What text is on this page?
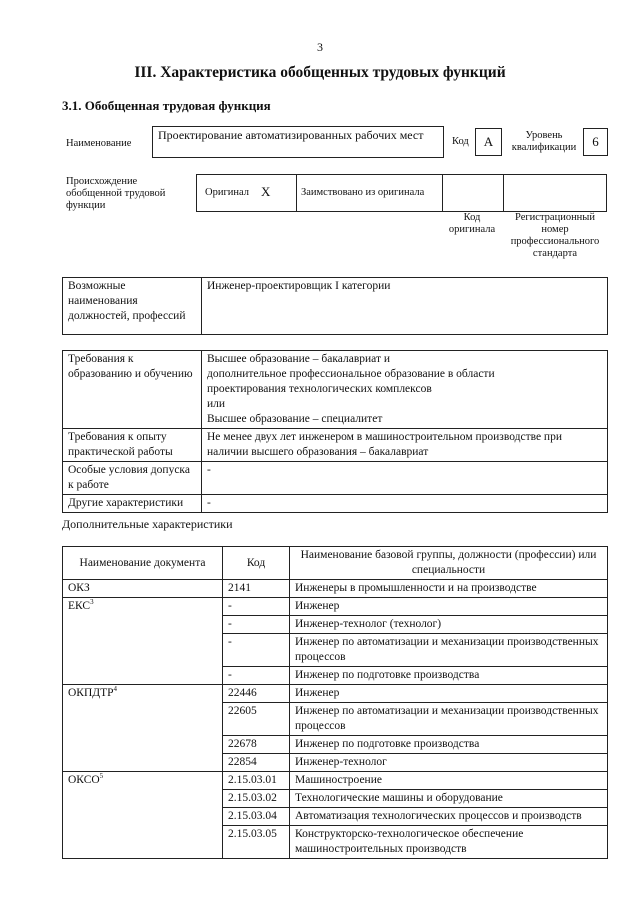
3
III. Характеристика обобщенных трудовых функций
3.1. Обобщенная трудовая функция
Наименование
Проектирование автоматизированных рабочих мест	Код	A	Уровень квалификации	6
Происхождение обобщенной трудовой функции
Оригинал X	Заимствовано из оригинала
Код оригинала
Регистрационный номер профессионального стандарта
Возможные наименования должностей, профессий	Инженер-проектировщик I категории
Требования к образованию и обучению	Высшее образование – бакалавриат и
дополнительное профессиональное образование в области
проектирования технологических комплексов
или
Высшее образование – специалитет
Требования к опыту практической работы	Не менее двух лет инженером в машиностроительном производстве при наличии высшего образования – бакалавриат
Особые условия допуска к работе	-
Другие характеристики	-
Дополнительные характеристики
Наименование документа	Код	Наименование базовой группы, должности (профессии) или специальности
ОКЗ	2141	Инженеры в промышленности и на производстве
ЕКС$^3$	-	Инженер
	-	Инженер-технолог (технолог)
	-	Инженер по автоматизации и механизации производственных процессов
	-	Инженер по подготовке производства
ОКПДТР$^4$	22446	Инженер
	22605	Инженер по автоматизации и механизации производственных процессов
	22678	Инженер по подготовке производства
	22854	Инженер-технолог
ОКСО$^5$	2.15.03.01	Машиностроение
	2.15.03.02	Технологические машины и оборудование
	2.15.03.04	Автоматизация технологических процессов и производств
	2.15.03.05	Конструкторско-технологическое обеспечение машиностроительных производств
